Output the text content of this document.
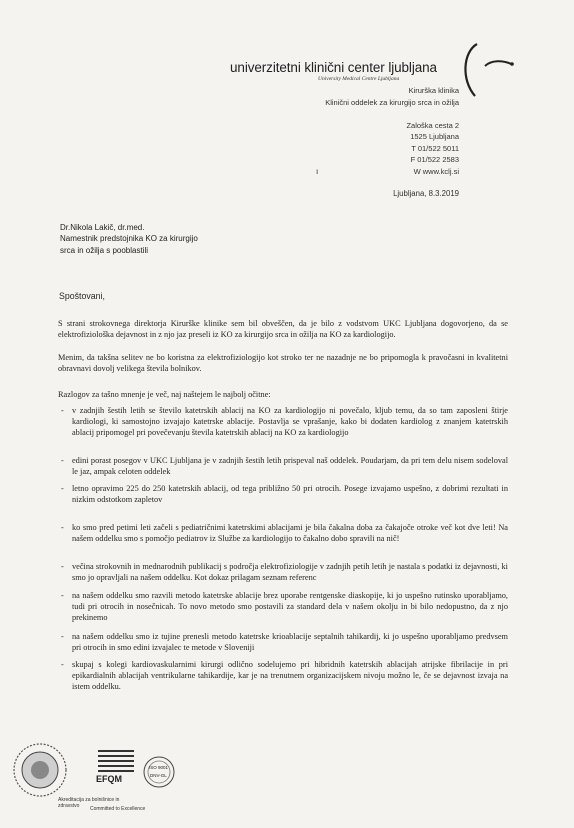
univerzitetni klinični center ljubljana
University Medical Centre Ljubljana
Kirurška klinika
Klinični oddelek za kirurgijo srca in ožilja
Zaloška cesta 2
1525 Ljubljana
T 01/522 5011
F 01/522 2583
W www.kclj.si
ı
Ljubljana, 8.3.2019
Dr.Nikola Lakič, dr.med.
Namestnik predstojnika KO za kirurgijo
srca in ožilja s pooblastili
Spoštovani,
S strani strokovnega direktorja Kirurške klinike sem bil obveščen, da je bilo z vodstvom UKC Ljubljana dogovorjeno, da se elektrofiziološka dejavnost in z njo jaz preseli iz KO za kirurgijo srca in ožilja na KO za kardiologijo.
Menim, da takšna selitev ne bo koristna za elektrofiziologijo kot stroko ter ne nazadnje ne bo pripomogla k pravočasni in kvalitetni obravnavi dovolj velikega števila bolnikov.
Razlogov za tašno mnenje je več, naj naštejem le najbolj očitne:
- v zadnjih šestih letih se število katetrskih ablacij na KO za kardiologijo ni povečalo, kljub temu, da so tam zaposleni štirje kardiologi, ki samostojno izvajajo katetrske ablacije. Postavlja se vprašanje, kako bi dodaten kardiolog z znanjem katetrskih ablacij pripomogel pri povečevanju števila katetrskih ablacij na KO za kardiologijo
- edini porast posegov v UKC Ljubljana je v zadnjih šestih letih prispeval naš oddelek. Poudarjam, da pri tem delu nisem sodeloval le jaz, ampak celoten oddelek
- letno opravimo 225 do 250 katetrskih ablacij, od tega približno 50 pri otrocih. Posege izvajamo uspešno, z dobrimi rezultati in nizkim odstotkom zapletov
- ko smo pred petimi leti začeli s pediatričnimi katetrskimi ablacijami je bila čakalna doba za čakajoče otroke več kot dve leti! Na našem oddelku smo s pomočjo pediatrov iz Službe za kardiologijo to čakalno dobo spravili na nič!
- večina strokovnih in mednarodnih publikacij s področja elektrofiziologije v zadnjih petih letih je nastala s podatki iz dejavnosti, ki smo jo opravljali na našem oddelku. Kot dokaz prilagam seznam referenc
- na našem oddelku smo razvili metodo katetrske ablacije brez uporabe rentgenske diaskopije, ki jo uspešno rutinsko uporabljamo, tudi pri otrocih in nosečnicah. To novo metodo smo postavili za standard dela v našem okolju in bi bilo nedopustno, da z njo prekinemo
- na našem oddelku smo iz tujine prenesli metodo katetrske krioablacije septalnih tahikardij, ki jo uspešno uporabljamo predvsem pri otrocih in smo edini izvajalec te metode v Sloveniji
- skupaj s kolegi kardiovaskularnimi kirurgi odlično sodelujemo pri hibridnih katetrskih ablacijah atrijske fibrilacije in pri epikardialnih ablacijah ventrikularne tahikardije, kar je na trenutnem organizacijskem nivoju možno le, če se dejavnost izvaja na istem oddelku.
Akreditacija za bolnišnice in zdravstvo
EFQM
Committed to Excellence
ISO 9001
DNV-GL
